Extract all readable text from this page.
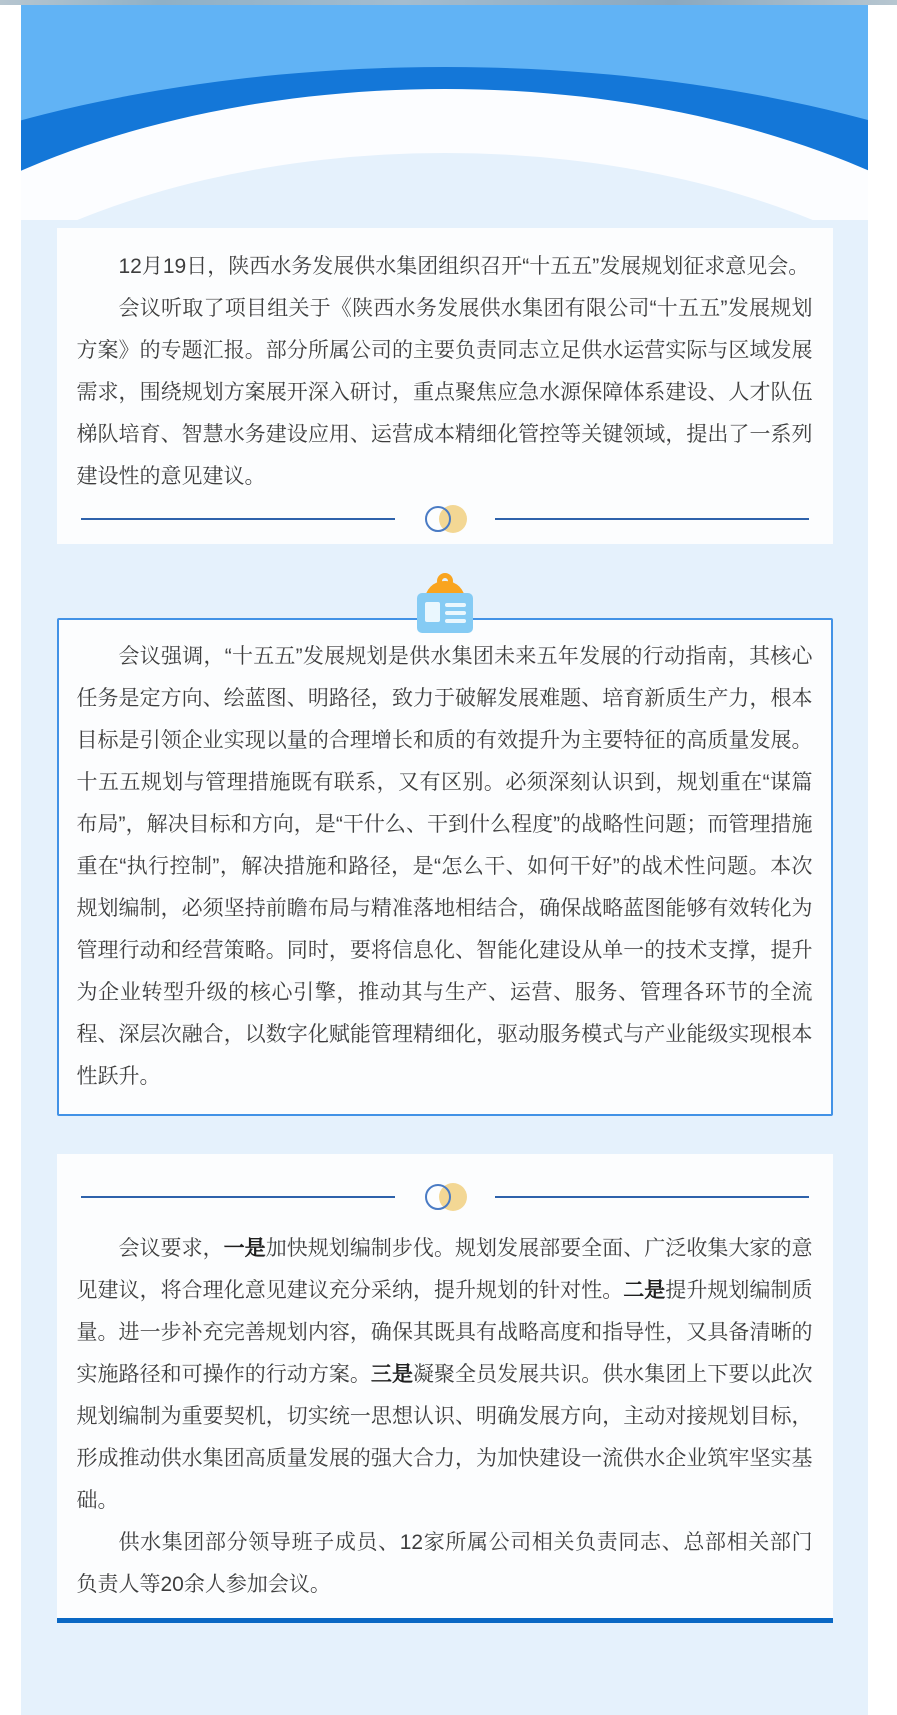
12月19日，陕西水务发展供水集团组织召开“十五五”发展规划征求意见会。

会议听取了项目组关于《陕西水务发展供水集团有限公司“十五五”发展规划方案》的专题汇报。部分所属公司的主要负责同志立足供水运营实际与区域发展需求，围绕规划方案展开深入研讨，重点聚焦应急水源保障体系建设、人才队伍梯队培育、智慧水务建设应用、运营成本精细化管控等关键领域，提出了一系列建设性的意见建议。

会议强调，“十五五”发展规划是供水集团未来五年发展的行动指南，其核心任务是定方向、绘蓝图、明路径，致力于破解发展难题、培育新质生产力，根本目标是引领企业实现以量的合理增长和质的有效提升为主要特征的高质量发展。十五五规划与管理措施既有联系，又有区别。必须深刻认识到，规划重在“谋篇布局”，解决目标和方向，是“干什么、干到什么程度”的战略性问题；而管理措施重在“执行控制”，解决措施和路径，是“怎么干、如何干好”的战术性问题。本次规划编制，必须坚持前瞻布局与精准落地相结合，确保战略蓝图能够有效转化为管理行动和经营策略。同时，要将信息化、智能化建设从单一的技术支撑，提升为企业转型升级的核心引擎，推动其与生产、运营、服务、管理各环节的全流程、深层次融合，以数字化赋能管理精细化，驱动服务模式与产业能级实现根本性跃升。

会议要求，一是加快规划编制步伐。规划发展部要全面、广泛收集大家的意见建议，将合理化意见建议充分采纳，提升规划的针对性。二是提升规划编制质量。进一步补充完善规划内容，确保其既具有战略高度和指导性，又具备清晰的实施路径和可操作的行动方案。三是凝聚全员发展共识。供水集团上下要以此次规划编制为重要契机，切实统一思想认识、明确发展方向，主动对接规划目标，形成推动供水集团高质量发展的强大合力，为加快建设一流供水企业筑牢坚实基础。

供水集团部分领导班子成员、12家所属公司相关负责同志、总部相关部门负责人等20余人参加会议。
